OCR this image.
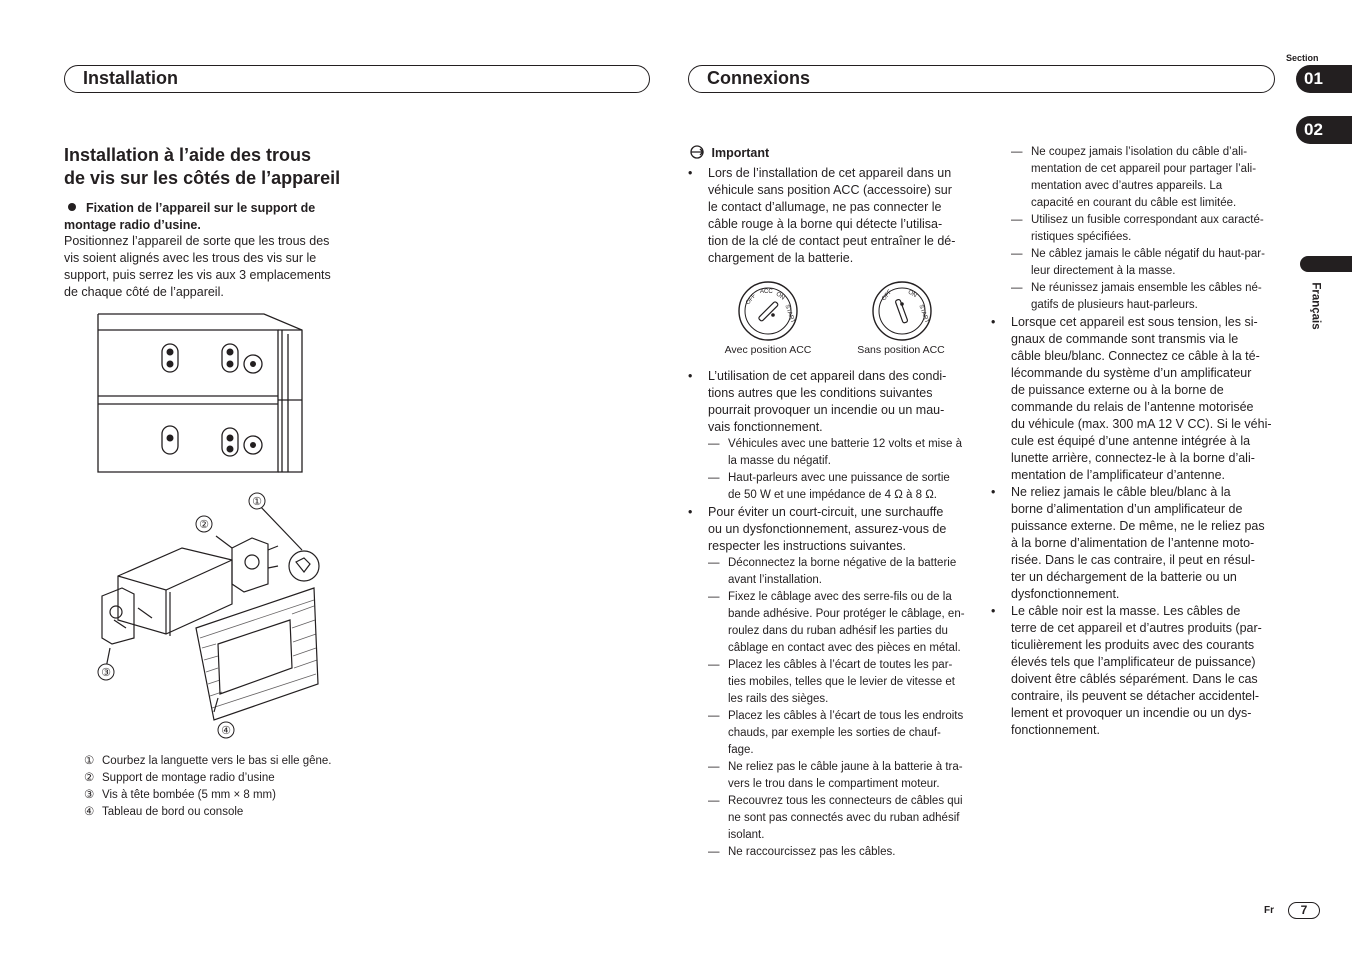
Installation	Connexions
Installation à l’aide des trous
de vis sur les côtés de l’appareil
Fixation de l’appareil sur le support de
montage radio d’usine.
Positionnez l’appareil de sorte que les trous des
vis soient alignés avec les trous des vis sur le
support, puis serrez les vis aux 3 emplacements
de chaque côté de l’appareil.
①
②
③
④
① Courbez la languette vers le bas si elle gêne.
② Support de montage radio d’usine
③ Vis à tête bombée (5 mm × 8 mm)
④ Tableau de bord ou console
Important
• Lors de l’installation de cet appareil dans un
véhicule sans position ACC (accessoire) sur
le contact d’allumage, ne pas connecter le
câble rouge à la borne qui détecte l’utilisa-
tion de la clé de contact peut entraîner le dé-
chargement de la batterie.
OFF
ACC ON
START
OFF ON
START
Avec position ACC	Sans position ACC
• L’utilisation de cet appareil dans des condi-
tions autres que les conditions suivantes
pourrait provoquer un incendie ou un mau-
vais fonctionnement.
— Véhicules avec une batterie 12 volts et mise à
la masse du négatif.
— Haut-parleurs avec une puissance de sortie
de 50 W et une impédance de 4 Ω à 8 Ω.
• Pour éviter un court-circuit, une surchauffe
ou un dysfonctionnement, assurez-vous de
respecter les instructions suivantes.
— Déconnectez la borne négative de la batterie
avant l’installation.
— Fixez le câblage avec des serre-fils ou de la
bande adhésive. Pour protéger le câblage, en-
roulez dans du ruban adhésif les parties du
câblage en contact avec des pièces en métal.
— Placez les câbles à l’écart de toutes les par-
ties mobiles, telles que le levier de vitesse et
les rails des sièges.
— Placez les câbles à l’écart de tous les endroits
chauds, par exemple les sorties de chauf-
fage.
— Ne reliez pas le câble jaune à la batterie à tra-
vers le trou dans le compartiment moteur.
— Recouvrez tous les connecteurs de câbles qui
ne sont pas connectés avec du ruban adhésif
isolant.
— Ne raccourcissez pas les câbles.
— Ne coupez jamais l’isolation du câble d’ali-
mentation de cet appareil pour partager l’ali-
mentation avec d’autres appareils. La
capacité en courant du câble est limitée.
— Utilisez un fusible correspondant aux caracté-
ristiques spécifiées.
— Ne câblez jamais le câble négatif du haut-par-
leur directement à la masse.
— Ne réunissez jamais ensemble les câbles né-
gatifs de plusieurs haut-parleurs.
• Lorsque cet appareil est sous tension, les si-
gnaux de commande sont transmis via le
câble bleu/blanc. Connectez ce câble à la té-
lécommande du système d’un amplificateur
de puissance externe ou à la borne de
commande du relais de l’antenne motorisée
du véhicule (max. 300 mA 12 V CC). Si le véhi-
cule est équipé d’une antenne intégrée à la
lunette arrière, connectez-le à la borne d’ali-
mentation de l’amplificateur d’antenne.
• Ne reliez jamais le câble bleu/blanc à la
borne d’alimentation d’un amplificateur de
puissance externe. De même, ne le reliez pas
à la borne d’alimentation de l’antenne moto-
risée. Dans le cas contraire, il peut en résul-
ter un déchargement de la batterie ou un
dysfonctionnement.
• Le câble noir est la masse. Les câbles de
terre de cet appareil et d’autres produits (par-
ticulièrement les produits avec des courants
élevés tels que l’amplificateur de puissance)
doivent être câblés séparément. Dans le cas
contraire, ils peuvent se détacher accidentel-
lement et provoquer un incendie ou un dys-
fonctionnement.
Section
01
02
Français
Fr	7
